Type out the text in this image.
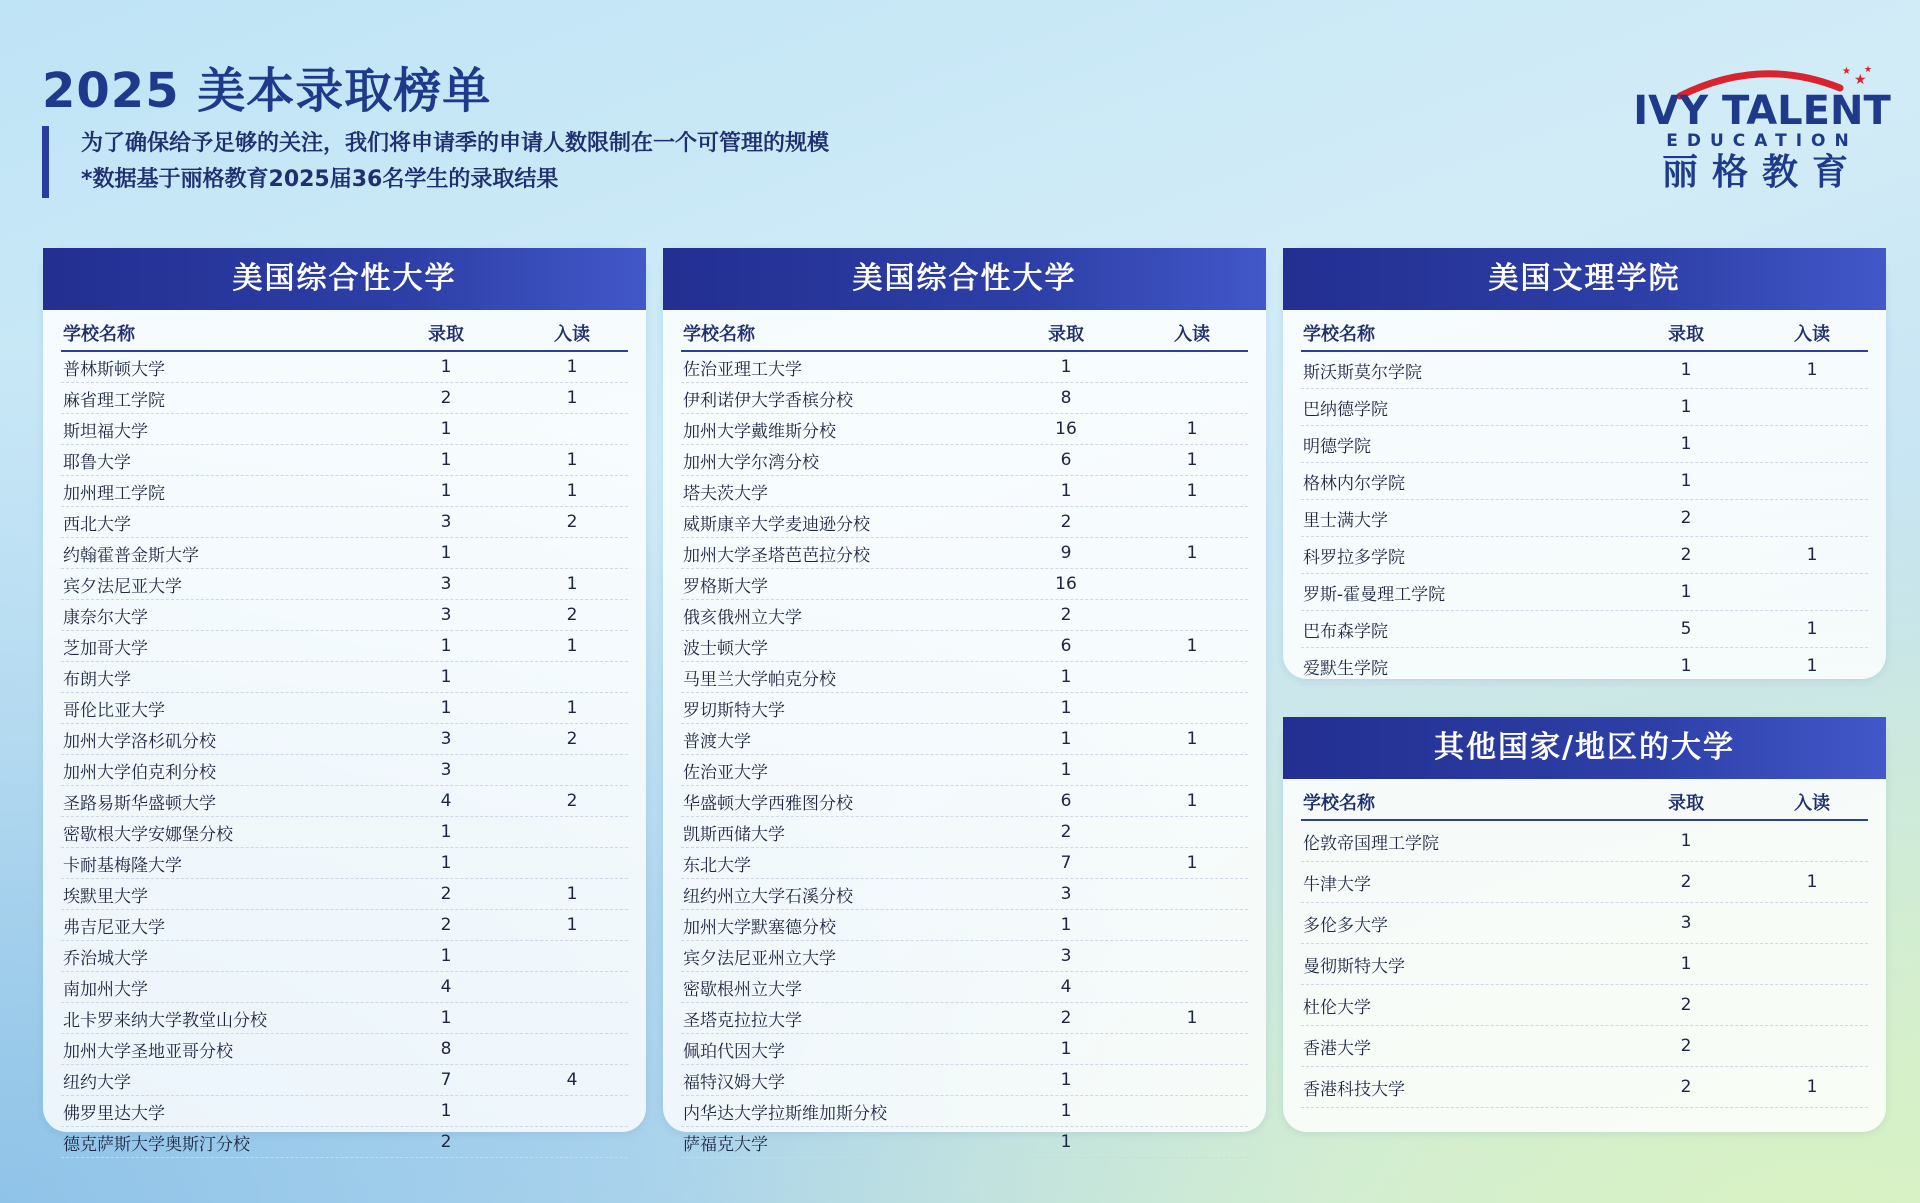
2025 美本录取榜单
为了确保给予足够的关注，我们将申请季的申请人数限制在一个可管理的规模
*数据基于丽格教育2025届36名学生的录取结果
★
★ ★
IVY TALENT
EDUCATION
丽格教育
美国综合性大学
学校名称	录取	入读
普林斯顿大学	1	1
麻省理工学院	2	1
斯坦福大学	1
耶鲁大学	1	1
加州理工学院	1	1
西北大学	3	2
约翰霍普金斯大学	1
宾夕法尼亚大学	3	1
康奈尔大学	3	2
芝加哥大学	1	1
布朗大学	1
哥伦比亚大学	1	1
加州大学洛杉矶分校	3	2
加州大学伯克利分校	3
圣路易斯华盛顿大学	4	2
密歇根大学安娜堡分校	1
卡耐基梅隆大学	1
埃默里大学	2	1
弗吉尼亚大学	2	1
乔治城大学	1
南加州大学	4
北卡罗来纳大学教堂山分校	1
加州大学圣地亚哥分校	8
纽约大学	7	4
佛罗里达大学	1
德克萨斯大学奥斯汀分校	2
美国综合性大学
学校名称	录取	入读
佐治亚理工大学	1
伊利诺伊大学香槟分校	8
加州大学戴维斯分校	16	1
加州大学尔湾分校	6	1
塔夫茨大学	1	1
威斯康辛大学麦迪逊分校	2
加州大学圣塔芭芭拉分校	9	1
罗格斯大学	16
俄亥俄州立大学	2
波士顿大学	6	1
马里兰大学帕克分校	1
罗切斯特大学	1
普渡大学	1	1
佐治亚大学	1
华盛顿大学西雅图分校	6	1
凯斯西储大学	2
东北大学	7	1
纽约州立大学石溪分校	3
加州大学默塞德分校	1
宾夕法尼亚州立大学	3
密歇根州立大学	4
圣塔克拉拉大学	2	1
佩珀代因大学	1
福特汉姆大学	1
内华达大学拉斯维加斯分校	1
萨福克大学	1
美国文理学院
学校名称	录取	入读
斯沃斯莫尔学院	1	1
巴纳德学院	1
明德学院	1
格林内尔学院	1
里士满大学	2
科罗拉多学院	2	1
罗斯-霍曼理工学院	1
巴布森学院	5	1
爱默生学院	1	1
其他国家/地区的大学
学校名称	录取	入读
伦敦帝国理工学院	1
牛津大学	2	1
多伦多大学	3
曼彻斯特大学	1
杜伦大学	2
香港大学	2
香港科技大学	2	1
